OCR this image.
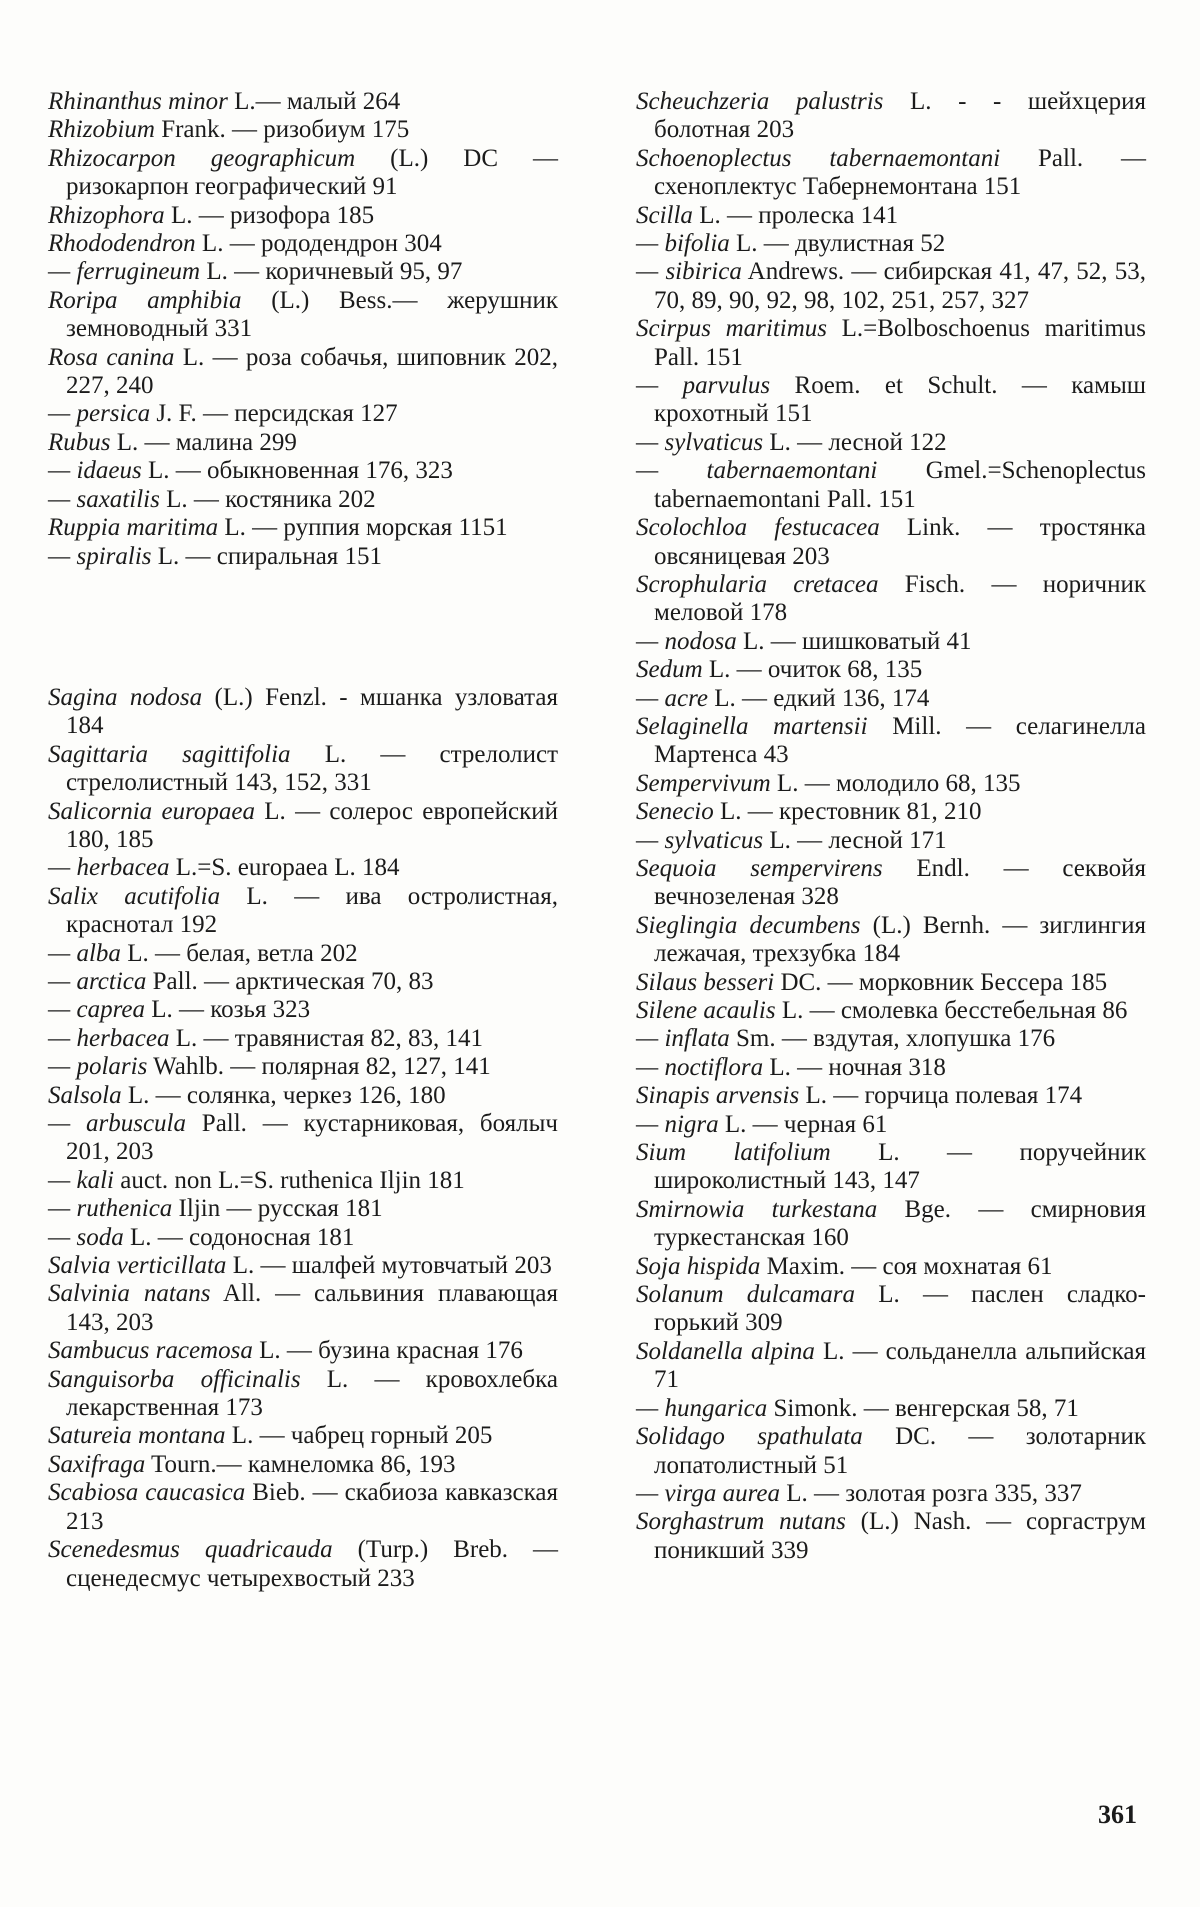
Rhinanthus minor L.— малый 264
Rhizobium Frank. — ризобиум 175
Rhizocarpon geographicum (L.) DC — ризокарпон географический 91
Rhizophora L. — ризофора 185
Rhododendron L. — рододендрон 304
— ferrugineum L. — коричневый 95, 97
Roripa amphibia (L.) Bess.— жерушник земноводный 331
Rosa canina L. — роза собачья, шиповник 202, 227, 240
— persica J. F. — персидская 127
Rubus L. — малина 299
— idaeus L. — обыкновенная 176, 323
— saxatilis L. — костяника 202
Ruppia maritima L. — руппия морская 1151
— spiralis L. — спиральная 151
Sagina nodosa (L.) Fenzl. - мшанка узловатая 184
Sagittaria sagittifolia L. — стрелолист стрелолистный 143, 152, 331
Salicornia europaea L. — солерос европейский 180, 185
— herbacea L.=S. europaea L. 184
Salix acutifolia L. — ива остролистная, краснотал 192
— alba L. — белая, ветла 202
— arctica Pall. — арктическая 70, 83
— caprea L. — козья 323
— herbacea L. — травянистая 82, 83, 141
— polaris Wahlb. — полярная 82, 127, 141
Salsola L. — солянка, черкез 126, 180
— arbuscula Pall. — кустарниковая, боялыч 201, 203
— kali auct. non L.=S. ruthenica Iljin 181
— ruthenica Iljin — русская 181
— soda L. — содоносная 181
Salvia verticillata L. — шалфей мутовчатый 203
Salvinia natans All. — сальвиния плавающая 143, 203
Sambucus racemosa L. — бузина красная 176
Sanguisorba officinalis L. — кровохлебка лекарственная 173
Satureia montana L. — чабрец горный 205
Saxifraga Tourn.— камнеломка 86, 193
Scabiosa caucasica Bieb. — скабиоза кавказская 213
Scenedesmus quadricauda (Turp.) Breb. — сценедесмус четырехвостый 233
Scheuchzeria palustris L. - - шейхцерия болотная 203
Schoenoplectus tabernaemontani Pall. — схеноплектус Табернемонтана 151
Scilla L. — пролеска 141
— bifolia L. — двулистная 52
— sibirica Andrews. — сибирская 41, 47, 52, 53, 70, 89, 90, 92, 98, 102, 251, 257, 327
Scirpus maritimus L.=Bolboschoenus maritimus Pall. 151
— parvulus Roem. et Schult. — камыш крохотный 151
— sylvaticus L. — лесной 122
— tabernaemontani Gmel.=Schenoplectus tabernaemontani Pall. 151
Scolochloa festucacea Link. — тростянка овсяницевая 203
Scrophularia cretacea Fisch. — норичник меловой 178
— nodosa L. — шишковатый 41
Sedum L. — очиток 68, 135
— acre L. — едкий 136, 174
Selaginella martensii Mill. — селагинелла Мартенса 43
Sempervivum L. — молодило 68, 135
Senecio L. — крестовник 81, 210
— sylvaticus L. — лесной 171
Sequoia sempervirens Endl. — секвойя вечнозеленая 328
Sieglingia decumbens (L.) Bernh. — зиглингия лежачая, трехзубка 184
Silaus besseri DC. — морковник Бессера 185
Silene acaulis L. — смолевка бесстебельная 86
— inflata Sm. — вздутая, хлопушка 176
— noctiflora L. — ночная 318
Sinapis arvensis L. — горчица полевая 174
— nigra L. — черная 61
Sium latifolium L. — поручейник широколистный 143, 147
Smirnowia turkestana Bge. — смирновия туркестанская 160
Soja hispida Maxim. — соя мохнатая 61
Solanum dulcamara L. — паслен сладко-горький 309
Soldanella alpina L. — сольданелла альпийская 71
— hungarica Simonk. — венгерская 58, 71
Solidago spathulata DC. — золотарник лопатолистный 51
— virga aurea L. — золотая розга 335, 337
Sorghastrum nutans (L.) Nash. — соргаструм поникший 339
361
